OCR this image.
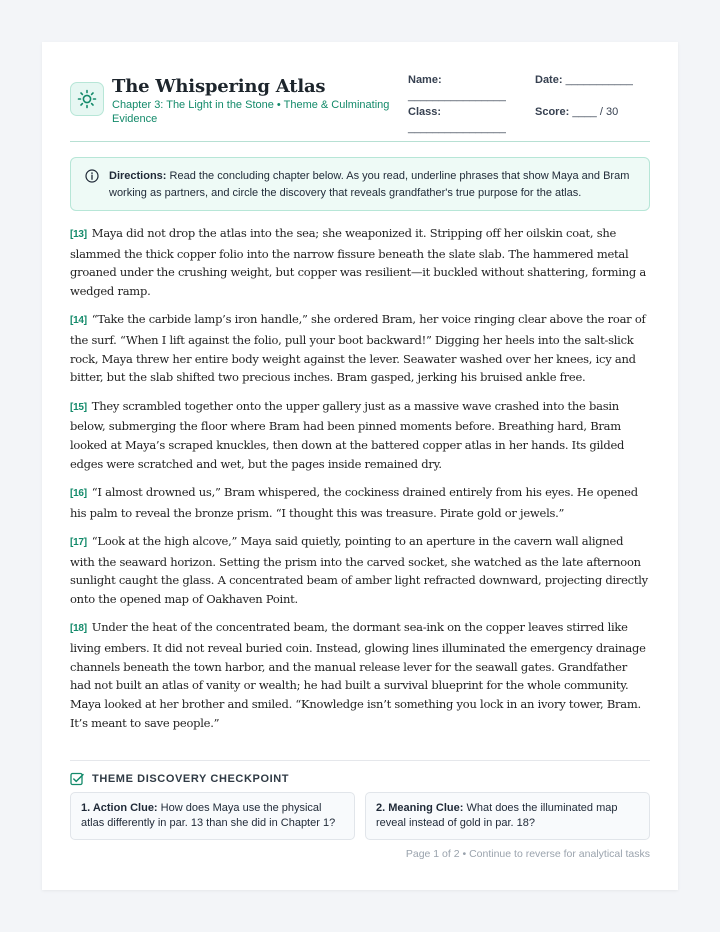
The Whispering Atlas
Chapter 3: The Light in the Stone • Theme & Culminating Evidence
Name:
________________
Date: ___________
Class:
________________
Score: ____ / 30
Directions: Read the concluding chapter below. As you read, underline phrases that show Maya and Bram working as partners, and circle the discovery that reveals grandfather's true purpose for the atlas.

[13] Maya did not drop the atlas into the sea; she weaponized it. Stripping off her oilskin coat, she slammed the thick copper folio into the narrow fissure beneath the slate slab. The hammered metal groaned under the crushing weight, but copper was resilient—it buckled without shattering, forming a wedged ramp.

[14] “Take the carbide lamp’s iron handle,” she ordered Bram, her voice ringing clear above the roar of the surf. “When I lift against the folio, pull your boot backward!” Digging her heels into the salt-slick rock, Maya threw her entire body weight against the lever. Seawater washed over her knees, icy and bitter, but the slab shifted two precious inches. Bram gasped, jerking his bruised ankle free.

[15] They scrambled together onto the upper gallery just as a massive wave crashed into the basin below, submerging the floor where Bram had been pinned moments before. Breathing hard, Bram looked at Maya’s scraped knuckles, then down at the battered copper atlas in her hands. Its gilded edges were scratched and wet, but the pages inside remained dry.

[16] “I almost drowned us,” Bram whispered, the cockiness drained entirely from his eyes. He opened his palm to reveal the bronze prism. “I thought this was treasure. Pirate gold or jewels.”

[17] “Look at the high alcove,” Maya said quietly, pointing to an aperture in the cavern wall aligned with the seaward horizon. Setting the prism into the carved socket, she watched as the late afternoon sunlight caught the glass. A concentrated beam of amber light refracted downward, projecting directly onto the opened map of Oakhaven Point.

[18] Under the heat of the concentrated beam, the dormant sea-ink on the copper leaves stirred like living embers. It did not reveal buried coin. Instead, glowing lines illuminated the emergency drainage channels beneath the town harbor, and the manual release lever for the seawall gates. Grandfather had not built an atlas of vanity or wealth; he had built a survival blueprint for the whole community. Maya looked at her brother and smiled. “Knowledge isn’t something you lock in an ivory tower, Bram. It’s meant to save people.”

THEME DISCOVERY CHECKPOINT
1. Action Clue: How does Maya use the physical atlas differently in par. 13 than she did in Chapter 1?
2. Meaning Clue: What does the illuminated map reveal instead of gold in par. 18?
Page 1 of 2 • Continue to reverse for analytical tasks
